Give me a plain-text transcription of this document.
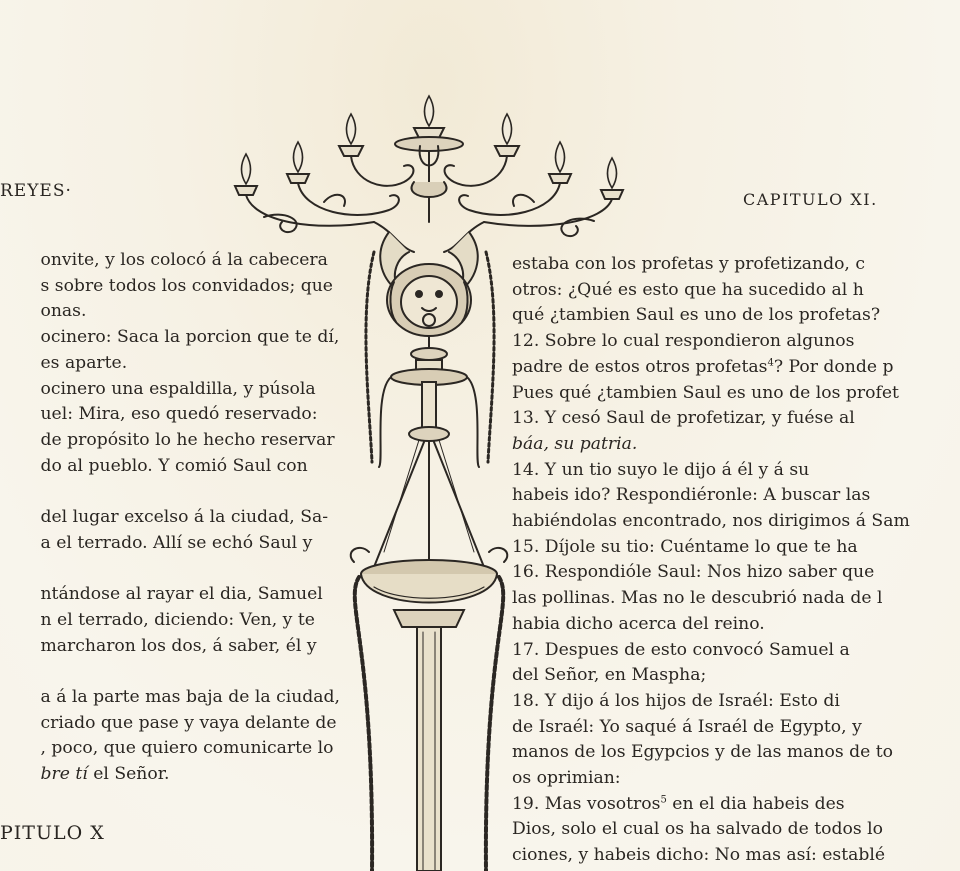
REYES·	CAPITULO XI.
onvite, y los colocó á la cabecera
s sobre todos los convidados; que
onas.
ocinero: Saca la porcion que te dí,
es aparte.
ocinero una espaldilla, y púsola
uel: Mira, eso quedó reservado:
de propósito lo he hecho reservar
do al pueblo. Y comió Saul con

del lugar excelso á la ciudad, Sa-
a el terrado. Allí se echó Saul y

ntándose al rayar el dia, Samuel
n el terrado, diciendo: Ven, y te
marcharon los dos, á saber, él y

a á la parte mas baja de la ciudad,
criado que pase y vaya delante de
, poco, que quiero comunicarte lo
bre tí el Señor.
PITULO X
estaba con los profetas y profetizando, c
otros: ¿Qué es esto que ha sucedido al h
qué ¿tambien Saul es uno de los profetas?
12. Sobre lo cual respondieron algunos
padre de estos otros profetas$^4$? Por donde p
Pues qué ¿tambien Saul es uno de los profet
13. Y cesó Saul de profetizar, y fuése al
báa, su patria.
14. Y un tio suyo le dijo á él y á su
habeis ido? Respondiéronle: A buscar las
habiéndolas encontrado, nos dirigimos á Sam
15. Díjole su tio: Cuéntame lo que te ha
16. Respondióle Saul: Nos hizo saber que
las pollinas. Mas no le descubrió nada de l
habia dicho acerca del reino.
17. Despues de esto convocó Samuel a
del Señor, en Maspha;
18. Y dijo á los hijos de Israél: Esto di
de Israél: Yo saqué á Israél de Egypto, y
manos de los Egypcios y de las manos de to
os oprimian:
19. Mas vosotros$^5$ en el dia habeis des
Dios, solo el cual os ha salvado de todos lo
ciones, y habeis dicho: No mas así: establé
